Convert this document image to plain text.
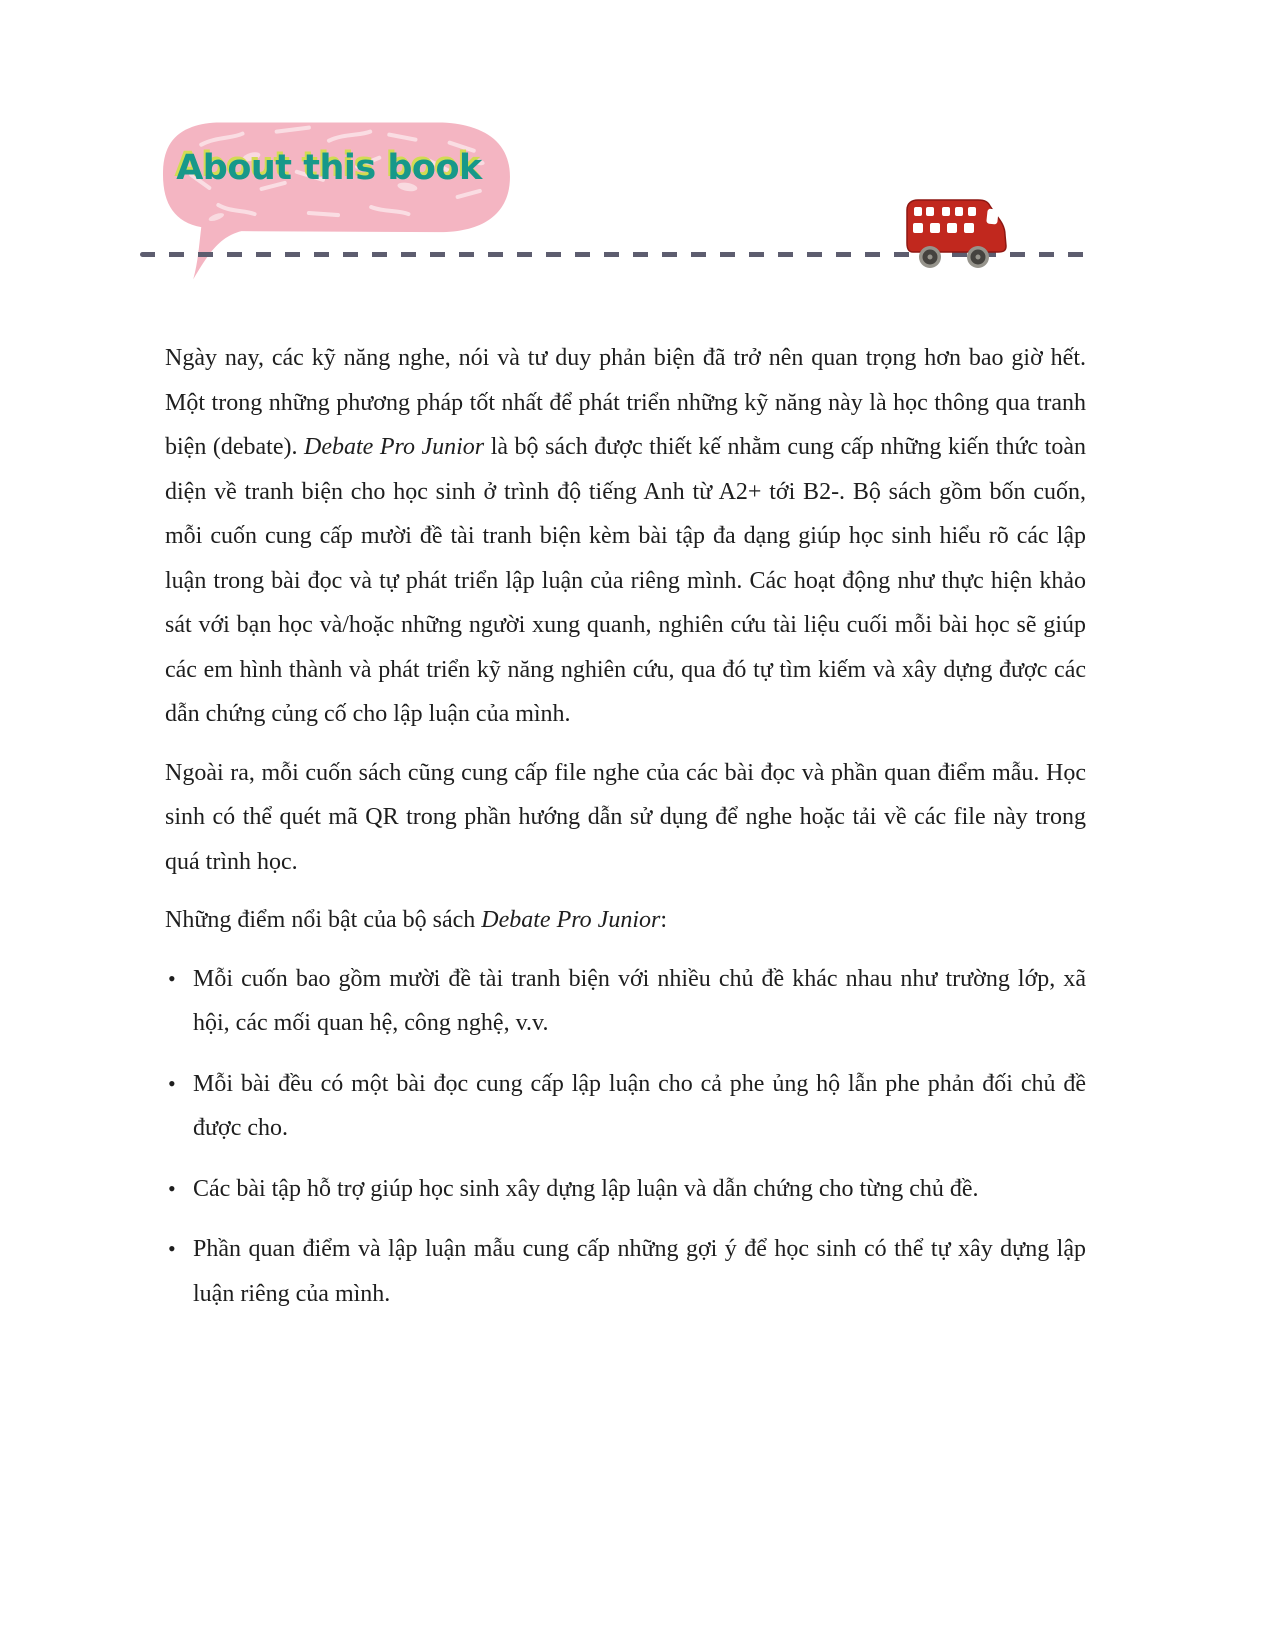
About this book

Ngày nay, các kỹ năng nghe, nói và tư duy phản biện đã trở nên quan trọng hơn bao giờ hết. Một trong những phương pháp tốt nhất để phát triển những kỹ năng này là học thông qua tranh biện (debate). Debate Pro Junior là bộ sách được thiết kế nhằm cung cấp những kiến thức toàn diện về tranh biện cho học sinh ở trình độ tiếng Anh từ A2+ tới B2-. Bộ sách gồm bốn cuốn, mỗi cuốn cung cấp mười đề tài tranh biện kèm bài tập đa dạng giúp học sinh hiểu rõ các lập luận trong bài đọc và tự phát triển lập luận của riêng mình. Các hoạt động như thực hiện khảo sát với bạn học và/hoặc những người xung quanh, nghiên cứu tài liệu cuối mỗi bài học sẽ giúp các em hình thành và phát triển kỹ năng nghiên cứu, qua đó tự tìm kiếm và xây dựng được các dẫn chứng củng cố cho lập luận của mình.

Ngoài ra, mỗi cuốn sách cũng cung cấp file nghe của các bài đọc và phần quan điểm mẫu. Học sinh có thể quét mã QR trong phần hướng dẫn sử dụng để nghe hoặc tải về các file này trong quá trình học.

Những điểm nổi bật của bộ sách Debate Pro Junior:

• Mỗi cuốn bao gồm mười đề tài tranh biện với nhiều chủ đề khác nhau như trường lớp, xã hội, các mối quan hệ, công nghệ, v.v.
• Mỗi bài đều có một bài đọc cung cấp lập luận cho cả phe ủng hộ lẫn phe phản đối chủ đề được cho.
• Các bài tập hỗ trợ giúp học sinh xây dựng lập luận và dẫn chứng cho từng chủ đề.
• Phần quan điểm và lập luận mẫu cung cấp những gợi ý để học sinh có thể tự xây dựng lập luận riêng của mình.
